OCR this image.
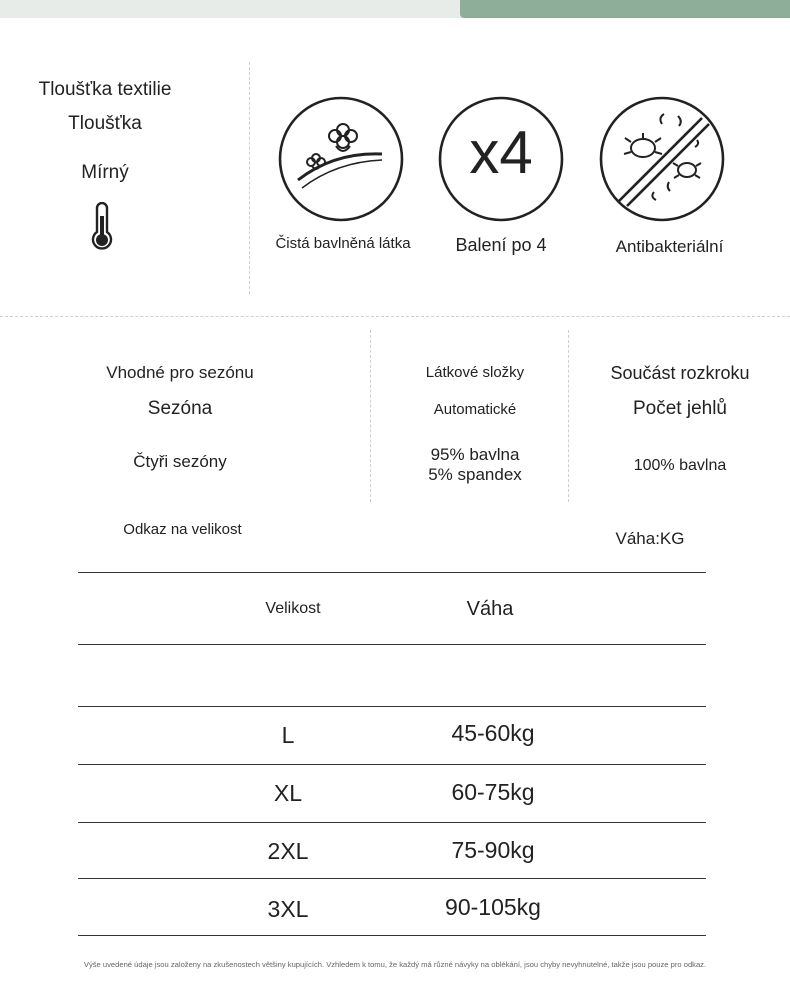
Tloušťka textilie
Tloušťka
Mírný	x4
Čistá bavlněná látka	Balení po 4	Antibakteriální
Vhodné pro sezónu
Sezóna
Čtyři sezóny
Látkové složky
Automatické
95% bavlna
5% spandex
Součást rozkroku
Počet jehlů
100% bavlna
Odkaz na velikost	Váha:KG
Velikost	Váha
L	45-60kg
XL	60-75kg
2XL	75-90kg
3XL	90-105kg
Výše uvedené údaje jsou založeny na zkušenostech většiny kupujících. Vzhledem k tomu, že každý má různé návyky na oblékání, jsou chyby nevyhnutelné, takže jsou pouze pro odkaz.
